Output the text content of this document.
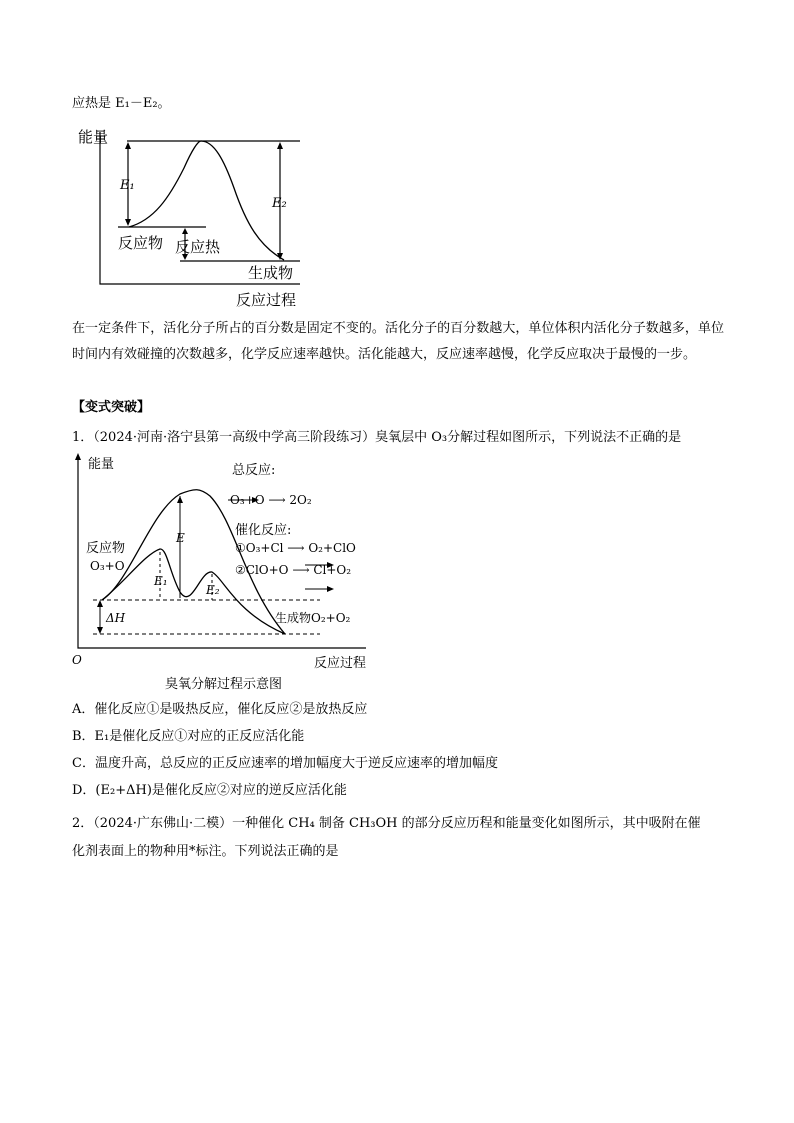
应热是 E₁－E₂。
能量
E₁
E₂
反应物 反应热
生成物
反应过程
在一定条件下，活化分子所占的百分数是固定不变的。活化分子的百分数越大，单位体积内活化分子数越多，单位时间内有效碰撞的次数越多，化学反应速率越快。活化能越大，反应速率越慢，化学反应取决于最慢的一步。
【变式突破】
1．（2024·河南·洛宁县第一高级中学高三阶段练习）臭氧层中 O₃分解过程如图所示，下列说法不正确的是
能量	总反应:
O₃+O ⟶ 2O₂
催化反应:
①O₃+Cl ⟶ O₂+ClO
②ClO+O ⟶ Cl+O₂
反应物
O₃+O
E
E₁
E₂
ΔH	生成物O₂+O₂
O	反应过程
臭氧分解过程示意图
A．催化反应①是吸热反应，催化反应②是放热反应
B．E₁是催化反应①对应的正反应活化能
C．温度升高，总反应的正反应速率的增加幅度大于逆反应速率的增加幅度
D．(E₂+ΔH)是催化反应②对应的逆反应活化能
2．（2024·广东佛山·二模）一种催化 CH₄ 制备 CH₃OH 的部分反应历程和能量变化如图所示，其中吸附在催
化剂表面上的物种用*标注。下列说法正确的是
